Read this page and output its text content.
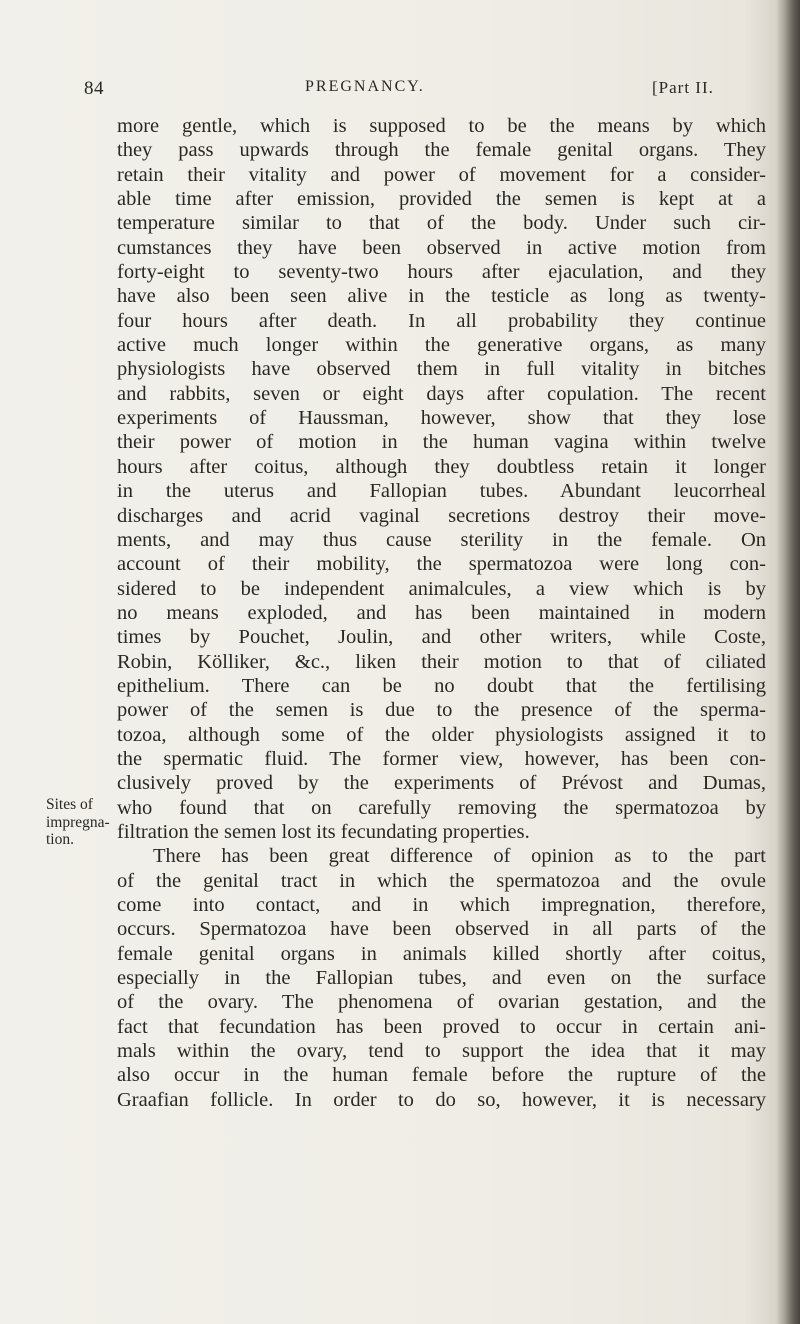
84	PREGNANCY.	[Part II.
Sites of
impregna-
tion.
more gentle, which is supposed to be the means by which
they pass upwards through the female genital organs. They
retain their vitality and power of movement for a consider-
able time after emission, provided the semen is kept at a
temperature similar to that of the body. Under such cir-
cumstances they have been observed in active motion from
forty-eight to seventy-two hours after ejaculation, and they
have also been seen alive in the testicle as long as twenty-
four hours after death. In all probability they continue
active much longer within the generative organs, as many
physiologists have observed them in full vitality in bitches
and rabbits, seven or eight days after copulation. The recent
experiments of Haussman, however, show that they lose
their power of motion in the human vagina within twelve
hours after coitus, although they doubtless retain it longer
in the uterus and Fallopian tubes. Abundant leucorrheal
discharges and acrid vaginal secretions destroy their move-
ments, and may thus cause sterility in the female. On
account of their mobility, the spermatozoa were long con-
sidered to be independent animalcules, a view which is by
no means exploded, and has been maintained in modern
times by Pouchet, Joulin, and other writers, while Coste,
Robin, Kölliker, &c., liken their motion to that of ciliated
epithelium. There can be no doubt that the fertilising
power of the semen is due to the presence of the sperma-
tozoa, although some of the older physiologists assigned it to
the spermatic fluid. The former view, however, has been con-
clusively proved by the experiments of Prévost and Dumas,
who found that on carefully removing the spermatozoa by
filtration the semen lost its fecundating properties.
There has been great difference of opinion as to the part
of the genital tract in which the spermatozoa and the ovule
come into contact, and in which impregnation, therefore,
occurs. Spermatozoa have been observed in all parts of the
female genital organs in animals killed shortly after coitus,
especially in the Fallopian tubes, and even on the surface
of the ovary. The phenomena of ovarian gestation, and the
fact that fecundation has been proved to occur in certain ani-
mals within the ovary, tend to support the idea that it may
also occur in the human female before the rupture of the
Graafian follicle. In order to do so, however, it is necessary
